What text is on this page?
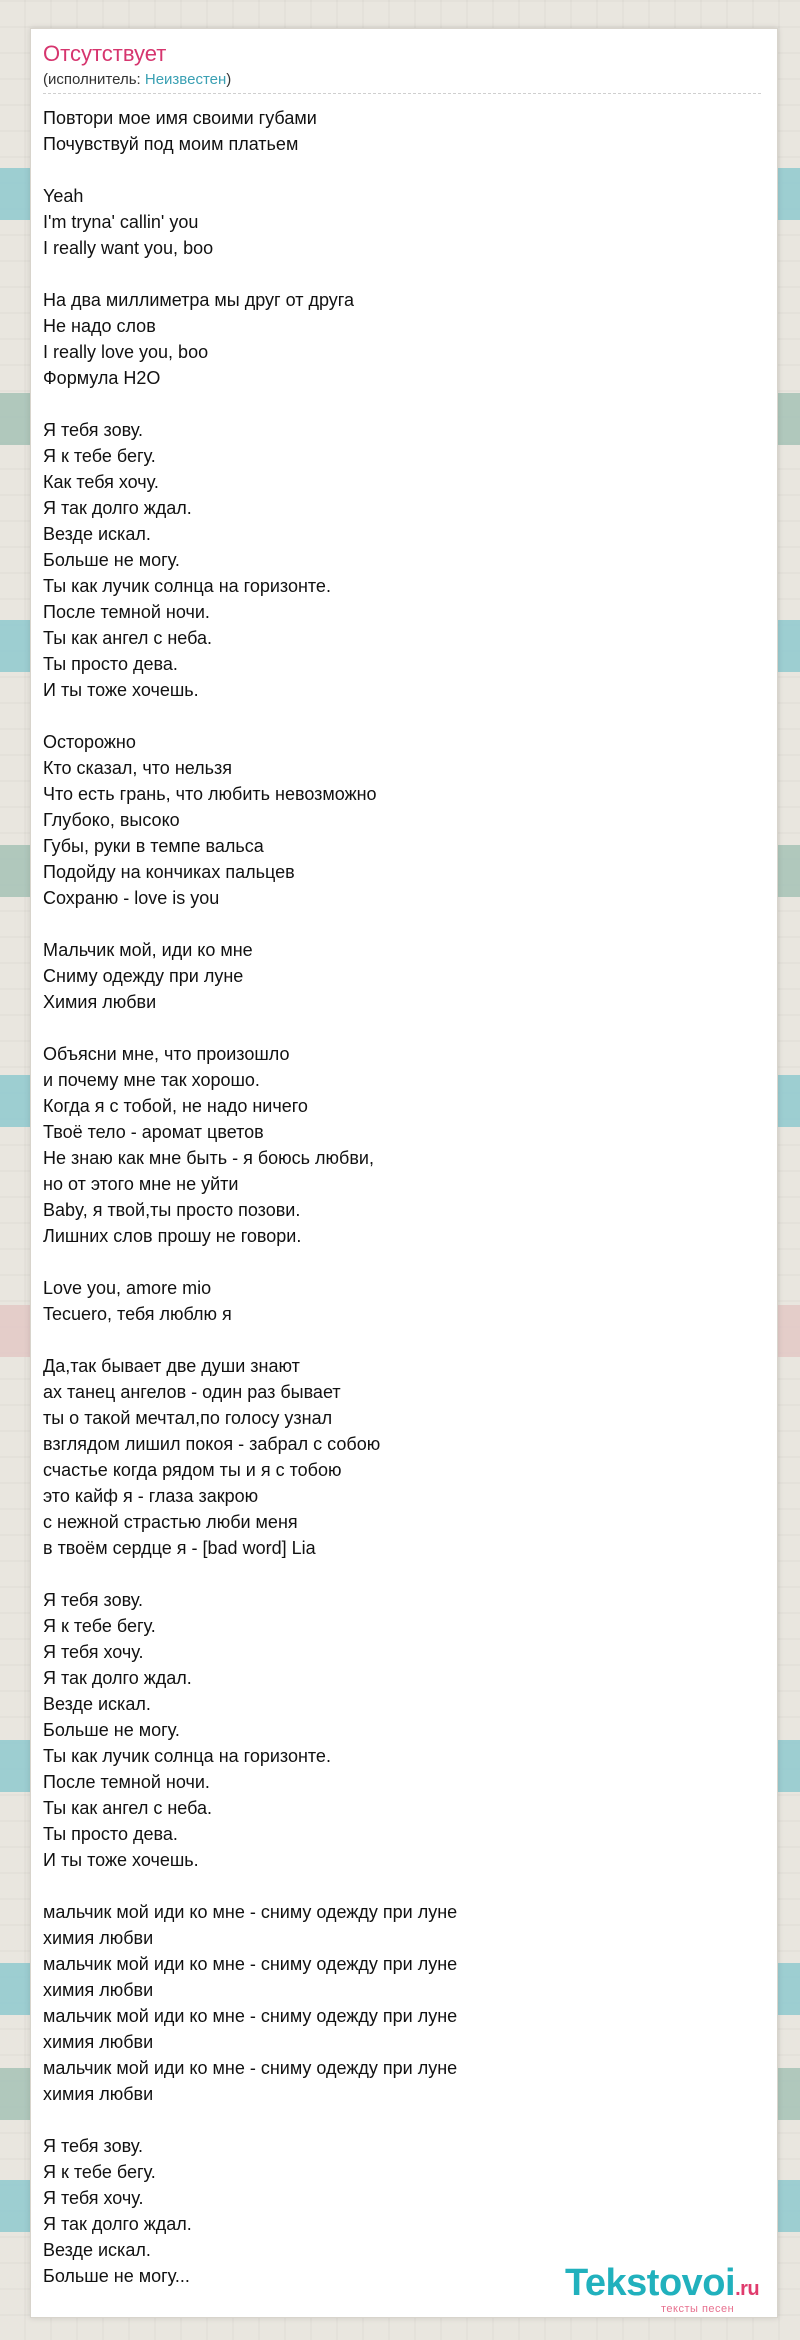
Отсутствует
(исполнитель: Неизвестен)
Повтори мое имя своими губами
Почувствуй под моим платьем
Yeah
I'm tryna' callin' you
I really want you, boo
На два миллиметра мы друг от друга
Не надо слов
I really love you, boo
Формула H2O
Я тебя зову.
Я к тебе бегу.
Как тебя хочу.
Я так долго ждал.
Везде искал.
Больше не могу.
Ты как лучик солнца на горизонте.
После темной ночи.
Ты как ангел с неба.
Ты просто дева.
И ты тоже хочешь.
Осторожно
Кто сказал, что нельзя
Что есть грань, что любить невозможно
Глубоко, высоко
Губы, руки в темпе вальса
Подойду на кончиках пальцев
Сохраню - love is you
Мальчик мой, иди ко мне
Сниму одежду при луне
Химия любви
Объясни мне, что произошло
и почему мне так хорошо.
Когда я с тобой, не надо ничего
Твоё тело - аромат цветов
Не знаю как мне быть - я боюсь любви,
но от этого мне не уйти
Baby, я твой,ты просто позови.
Лишних слов прошу не говори.
Love you, amore mio
Tecuero, тебя люблю я
Да,так бывает две души знают
ах танец ангелов - один раз бывает
ты о такой мечтал,по голосу узнал
взглядом лишил покоя - забрал с собою
счастье когда рядом ты и я с тобою
это кайф я - глаза закрою
с нежной страстью люби меня
в твоём сердце я - [bad word] Lia
Я тебя зову.
Я к тебе бегу.
Я тебя хочу.
Я так долго ждал.
Везде искал.
Больше не могу.
Ты как лучик солнца на горизонте.
После темной ночи.
Ты как ангел с неба.
Ты просто дева.
И ты тоже хочешь.
мальчик мой иди ко мне - сниму одежду при луне
химия любви
мальчик мой иди ко мне - сниму одежду при луне
химия любви
мальчик мой иди ко мне - сниму одежду при луне
химия любви
мальчик мой иди ко мне - сниму одежду при луне
химия любви
Я тебя зову.
Я к тебе бегу.
Я тебя хочу.
Я так долго ждал.
Везде искал.
Больше не могу...	Tekstovoi.ru
тексты песен
